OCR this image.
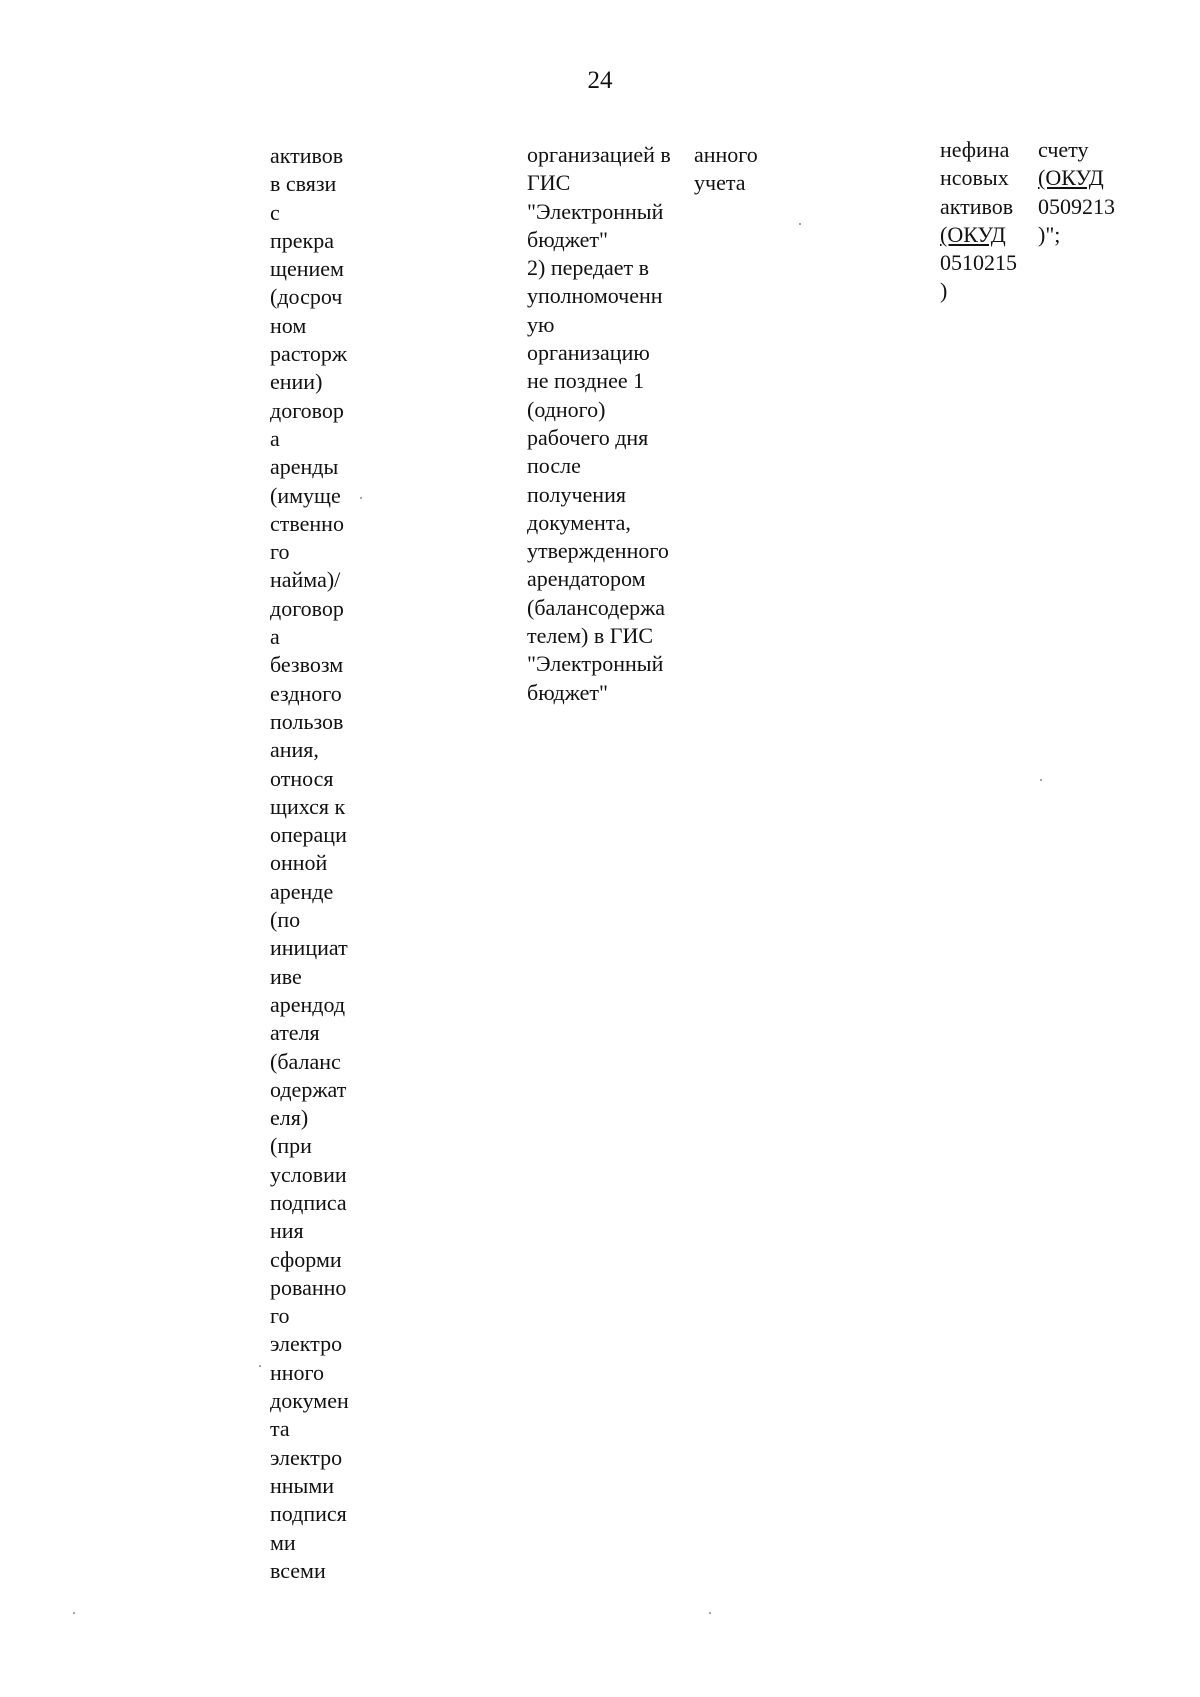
24
активов
в связи
с
прекра
щением
(досроч
ном
расторж
ении)
договор
а
аренды
(имуще
ственно
го
найма)/
договор
а
безвозм
ездного
пользов
ания,
относя
щихся к
операци
онной
аренде
(по
инициат
иве
арендод
ателя
(баланс
одержат
еля)
(при
условии
подписа
ния
сформи
рованно
го
электро
нного
докумен
та
электро
нными
подпися
ми
всеми
организацией в
ГИС
"Электронный
бюджет"
2) передает в
уполномоченн
ую
организацию
не позднее 1
(одного)
рабочего дня
после
получения
документа,
утвержденного
арендатором
(балансодержа
телем) в ГИС
"Электронный
бюджет"
анного
учета
нефина
нсовых
активов
(ОКУД
0510215
)
счету
(ОКУД
0509213
)";
